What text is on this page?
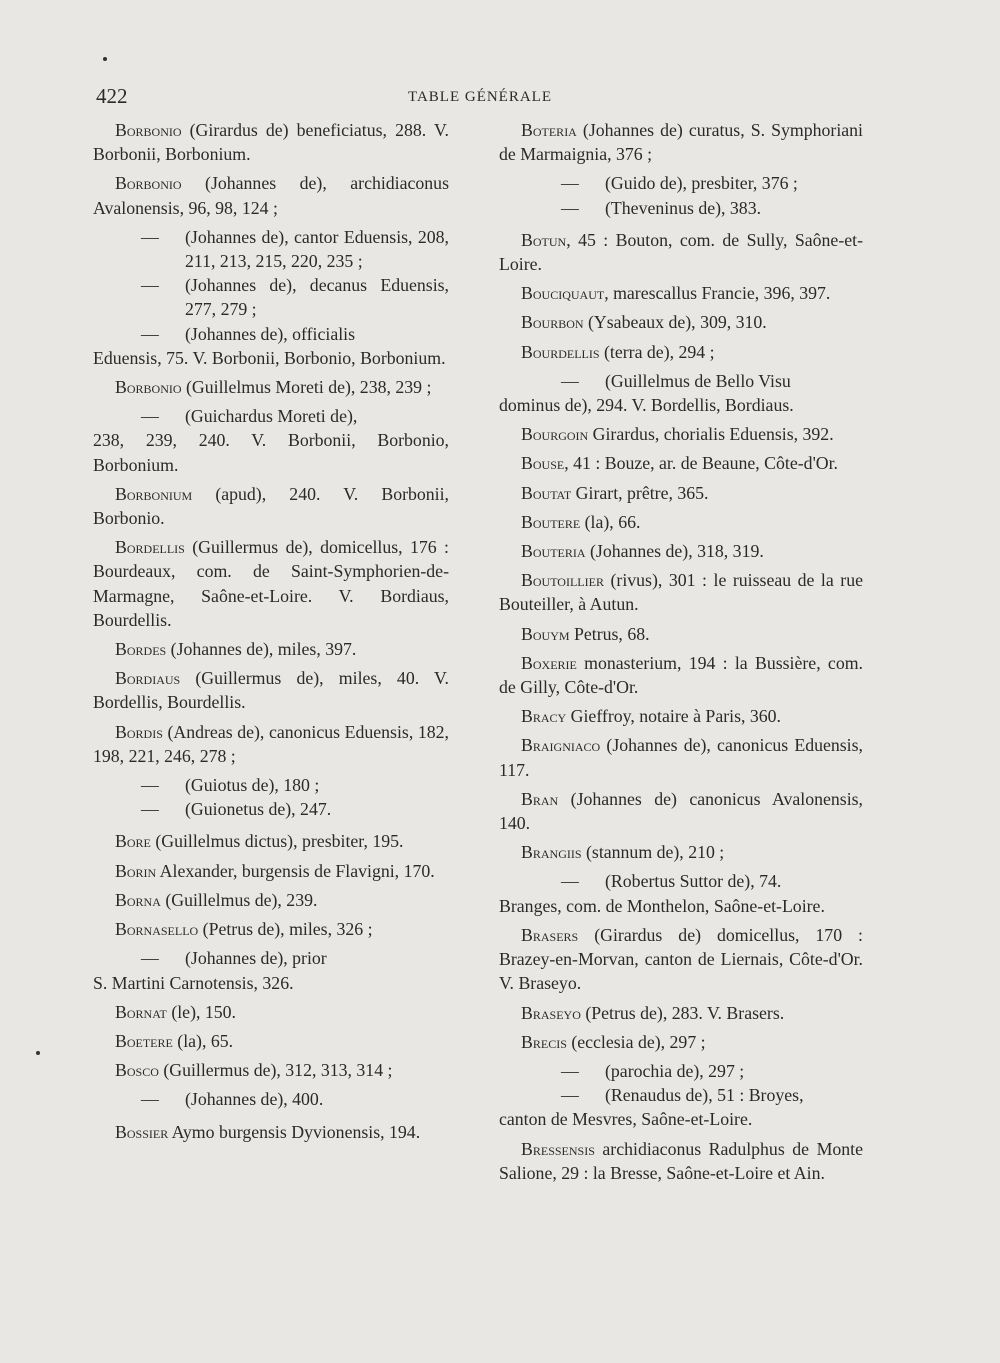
422	TABLE GÉNÉRALE
Borbonio (Girardus de) beneficiatus, 288. V. Borbonii, Borbonium.
Borbonio (Johannes de), archidiaconus Avalonensis, 96, 98, 124 ;
— (Johannes de), cantor Eduensis, 208, 211, 213, 215, 220, 235 ;
— (Johannes de), decanus Eduensis, 277, 279 ;
— (Johannes de), officialis
Eduensis, 75. V. Borbonii, Borbonio, Borbonium.
Borbonio (Guillelmus Moreti de), 238, 239 ;
— (Guichardus Moreti de),
238, 239, 240. V. Borbonii, Borbonio, Borbonium.
Borbonium (apud), 240. V. Borbonii, Borbonio.
Bordellis (Guillermus de), domicellus, 176 : Bourdeaux, com. de Saint-Symphorien-de-Marmagne, Saône-et-Loire. V. Bordiaus, Bourdellis.
Bordes (Johannes de), miles, 397.
Bordiaus (Guillermus de), miles, 40. V. Bordellis, Bourdellis.
Bordis (Andreas de), canonicus Eduensis, 182, 198, 221, 246, 278 ;
— (Guiotus de), 180 ;
— (Guionetus de), 247.
Bore (Guillelmus dictus), presbiter, 195.
Borin Alexander, burgensis de Flavigni, 170.
Borna (Guillelmus de), 239.
Bornasello (Petrus de), miles, 326 ;
— (Johannes de), prior
S. Martini Carnotensis, 326.
Bornat (le), 150.
Boetere (la), 65.
Bosco (Guillermus de), 312, 313, 314 ;
— (Johannes de), 400.
Bossier Aymo burgensis Dyvionensis, 194.
Boteria (Johannes de) curatus, S. Symphoriani de Marmaignia, 376 ;
— (Guido de), presbiter, 376 ;
— (Theveninus de), 383.
Botun, 45 : Bouton, com. de Sully, Saône-et-Loire.
Bouciquaut, marescallus Francie, 396, 397.
Bourbon (Ysabeaux de), 309, 310.
Bourdellis (terra de), 294 ;
— (Guillelmus de Bello Visu
dominus de), 294. V. Bordellis, Bordiaus.
Bourgoin Girardus, chorialis Eduensis, 392.
Bouse, 41 : Bouze, ar. de Beaune, Côte-d'Or.
Boutat Girart, prêtre, 365.
Boutere (la), 66.
Bouteria (Johannes de), 318, 319.
Boutoillier (rivus), 301 : le ruisseau de la rue Bouteiller, à Autun.
Bouym Petrus, 68.
Boxerie monasterium, 194 : la Bussière, com. de Gilly, Côte-d'Or.
Bracy Gieffroy, notaire à Paris, 360.
Braigniaco (Johannes de), canonicus Eduensis, 117.
Bran (Johannes de) canonicus Avalonensis, 140.
Brangiis (stannum de), 210 ;
— (Robertus Suttor de), 74.
Branges, com. de Monthelon, Saône-et-Loire.
Brasers (Girardus de) domicellus, 170 : Brazey-en-Morvan, canton de Liernais, Côte-d'Or. V. Braseyo.
Braseyo (Petrus de), 283. V. Brasers.
Brecis (ecclesia de), 297 ;
— (parochia de), 297 ;
— (Renaudus de), 51 : Broyes,
canton de Mesvres, Saône-et-Loire.
Bressensis archidiaconus Radulphus de Monte Salione, 29 : la Bresse, Saône-et-Loire et Ain.
